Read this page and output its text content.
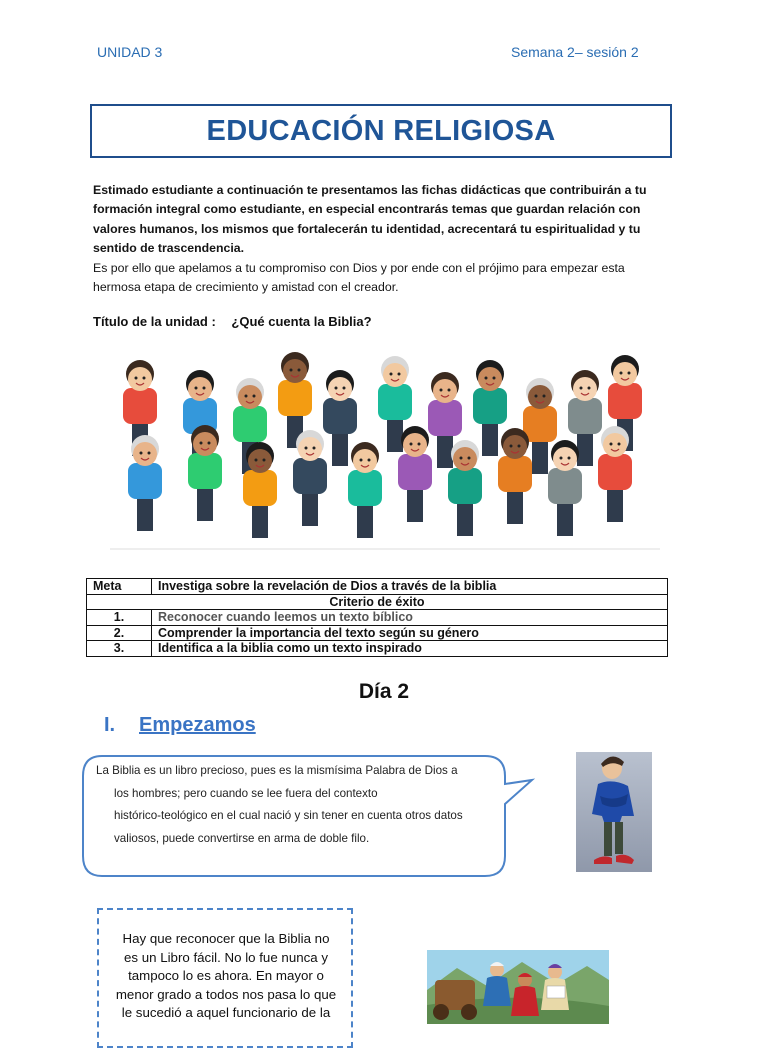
UNIDAD 3	Semana 2– sesión 2
EDUCACIÓN RELIGIOSA
Estimado estudiante a continuación te presentamos las fichas didácticas que contribuirán a tu formación integral como estudiante, en especial encontrarás temas que guardan relación con valores humanos, los mismos que fortalecerán tu identidad, acrecentará tu espiritualidad y tu sentido de trascendencia.
Es por ello que apelamos a tu compromiso con Dios y por ende con el prójimo para empezar esta hermosa etapa de crecimiento y amistad con el creador.
Título de la unidad : ¿Qué cuenta la Biblia?
Meta	Investiga sobre la revelación de Dios a través de la biblia
Criterio de éxito	
1.	Reconocer cuando leemos un texto bíblico
2.	Comprender la importancia del texto según su género
3.	Identifica a la biblia como un texto inspirado
Día 2
I. Empezamos
La Biblia es un libro precioso, pues es la mismísima Palabra de Dios a
los hombres; pero cuando se lee fuera del contexto
histórico-teológico en el cual nació y sin tener en cuenta otros datos
valiosos, puede convertirse en arma de doble filo.
Hay que reconocer que la Biblia no
es un Libro fácil. No lo fue nunca y
tampoco lo es ahora. En mayor o
menor grado a todos nos pasa lo que
le sucedió a aquel funcionario de la
